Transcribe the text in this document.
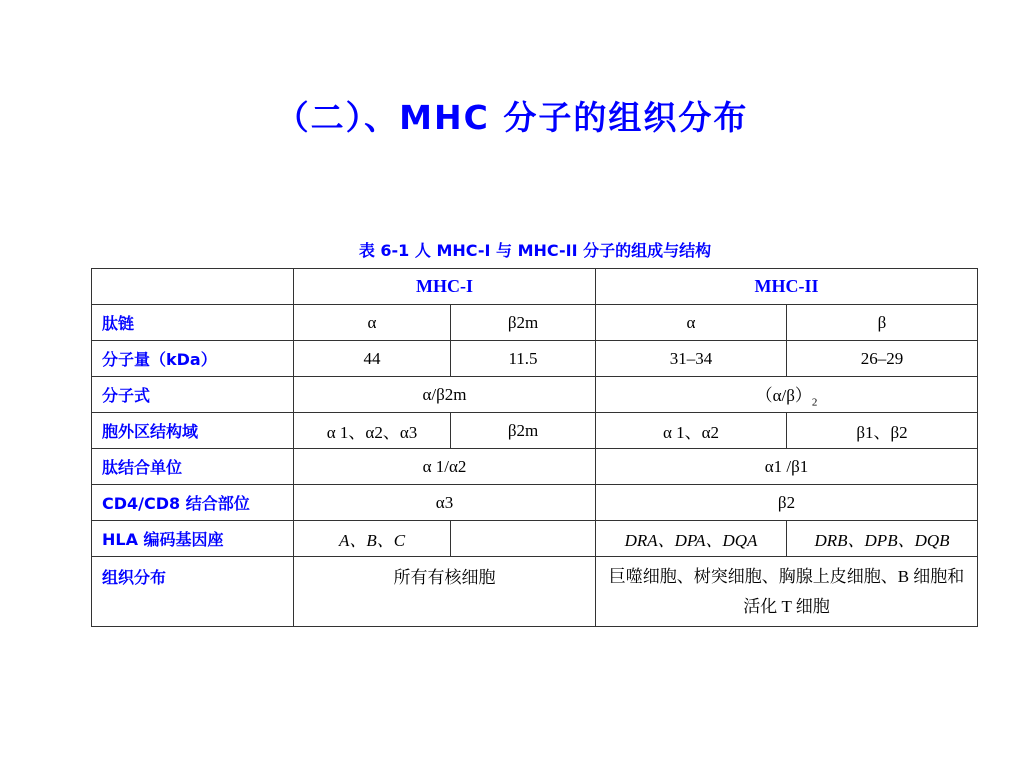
（二）、MHC 分子的组织分布
表 6-1 人 MHC-I 与 MHC-II 分子的组成与结构
	MHC-I		MHC-II	
肽链	α	β2m	α	β
分子量（kDa）	44	11.5	31–34	26–29
分子式	α/β2m		$(\alpha/\beta)_2$
胞外区结构域	α 1、α2、α3	β2m	α 1、α2	β1、β2
肽结合单位	α 1/α2		α1 /β1	
CD4/CD8 结合部位	α3		β2	
HLA 编码基因座	A、B、C		DRA、DPA、DQA	DRB、DPB、DQB
组织分布	所有有核细胞		巨噬细胞、树突细胞、胸腺上皮细胞、B 细胞和活化 T 细胞	
